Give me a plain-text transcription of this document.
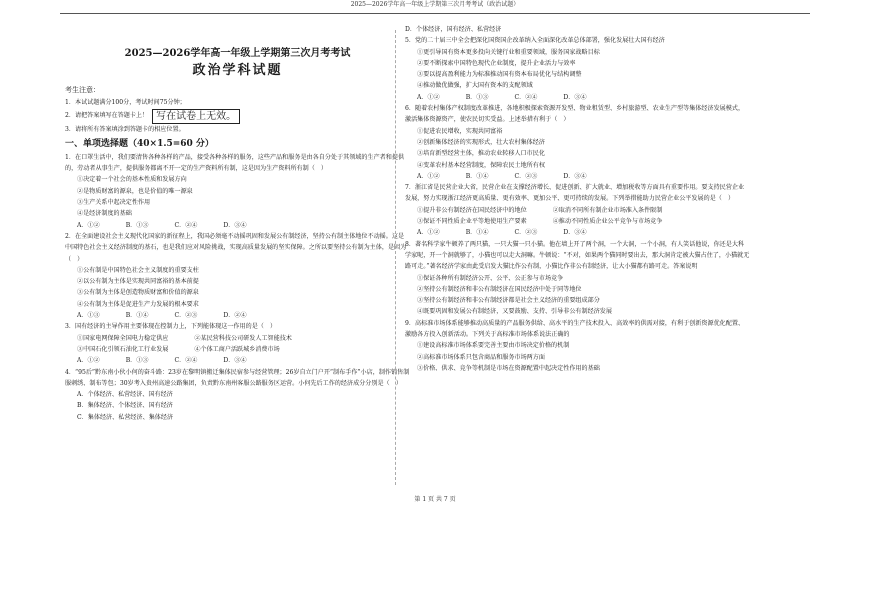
2025—2026学年高一年级上学期第三次月考考试（政治试题）
2025—2026学年高一年级上学期第三次月考考试
政治学科试题
考生注意：
1．本试试题满分100分，考试时间75分钟；
2．请把答案填写在答题卡上！ 写在试卷上无效。
3．请将所有答案填涂到答题卡的相应位置。
一、单项选择题（40×1.5=60 分）
1．在口罩生活中，我们要清售各种各样的产品，接受各种各样的服务，这些产品和服务是由各自分处于其领域的生产者和提供的，劳动者从事生产，提供服务都离不开一定的生产资料所有制，这是因为生产资料所有制（　）
①决定着一个社会的基本性质和发展方向
②是物质财富的源泉，也是价值的唯一源泉
③生产关系中起决定性作用
④是经济制度的基础
A．①②	B．①③	C．②④	D．③④
2．在全面建设社会主义现代化国家的新征程上，我国必须毫不动摇巩固和发展公有制经济，坚持公有制主体地位不动摇。这是中国特色社会主义经济制度的基石，也是我们应对风险挑战，实现高质量发展的坚实保障。之所以要坚持公有制为主体，是因为（　）
①公有制是中国特色社会主义制度的重要支柱
②以公有制为主体是实现共同富裕的基本前提
③公有制为主体是创造物质财富和价值的源泉
④公有制为主体是促进生产力发展的根本要求
A．①③	B．①④	C．②③	D．②④
3．国有经济的主导作用主要体现在控制力上，下列能体现这一作用的是（　）
①国家电网保障全国电力稳定供应	②某民营科技公司研发人工智能技术
③中国石化引领石油化工行业发展	④个体工商户活跃城乡消费市场
A．①②	B．①③	C．②④	D．③④
4．“95后”黔东南小伙小何的奋斗路：23岁在黎明镇搬迁集体民宿参与经营管理；26岁自立门户开“制布手作”小店，制作销售制服刺绣、制布等包；30岁考入贵州高速公路集团，负责黔东南州客服公路服务区运营。小何先后工作的经济成分分别是（　）
A．个体经济、私营经济、国有经济
B．集体经济、个体经济、国有经济
C．集体经济、私营经济、集体经济
D．个体经济，国有经济、私营经济
5．党的二十届三中全会把深化国资国企改革纳入全面深化改革总体部署，强化发展壮大国有经济
①更引导国有资本更多投向关键行业和重要领域，服务国家战略目标
②要不断探索中国特色现代企业制度，提升企业活力与效率
③要以提高盈利能力为标准推动国有资本布局优化与结构调整
④推动做优做强，扩大国有资本的支配领域
A．①②	B．①③	C．②④	D．③④
6．随着农村集体产权制度改革推进，各地积极探索资源开发型、物业租赁型、乡村旅游型、农业生产型等集体经济发展模式，激活集体资源资产，使农民切实受益。上述举措有利于（　）
①促进农民增收，实现共同富裕
②创新集体经济的实现形式，壮大农村集体经济
③培育新型经营主体，推动农业转移人口市民化
④变革农村基本经营制度，保障农民土地所有权
A．①②	B．①④	C．②③	D．③④
7．浙江省是民营企业大省，民营企业在支撑经济增长、促进创新、扩大就业、增加税收等方面具有重要作用。要支持民营企业发展，努力实现浙江经济更高质量、更有效率、更加公平、更可持续的发展。下列举措能助力民营企业公平发展的是（　）
①提升非公有制经济在国民经济中的地位	②取消不同所有制企业市场准入条件限制
③保证不同性质企业平等地使用生产要素	④推动不同性质企业公平竞争与市场竞争
A．①②	B．①④	C．②③	D．③④
8．著名科学家牛顿养了两只猫，一只大猫一只小猫。他在墙上开了两个洞，一个大洞，一个小洞，有人笑话他说，你还是大科学家呢，开一个洞就够了，小猫也可以走大洞嘛。牛顿说：“不对，如果两个猫同时要出去，那大洞肯定被大猫占住了，小猫就无路可走。”著名经济学家由此受启发大猫比作公有制，小猫比作非公有制经济，让大小猫都有路可走。答案说明
①保证各种所有制经济公开、公平、公正参与市场竞争
②坚持公有制经济和非公有制经济在国民经济中处于同等地位
③坚持公有制经济和非公有制经济都是社会主义经济的重要组成部分
④既要巩固和发展公有制经济，又要鼓励、支持、引导非公有制经济发展
9．高标准市场体系能够推动高质量的产品服务供给、高水平的生产技术投入、高效率的供需对接，有利于创新资源优化配置、激励各方投入创新活动。下列关于高标准市场体系说法正确的
①建设高标准市场体系要完善主要由市场决定价格的机制
②高标准市场体系只包含商品和服务市场两方面
③价格、供求、竞争等机制是市场在资源配置中起决定性作用的基础
第 1 页 共 7 页
